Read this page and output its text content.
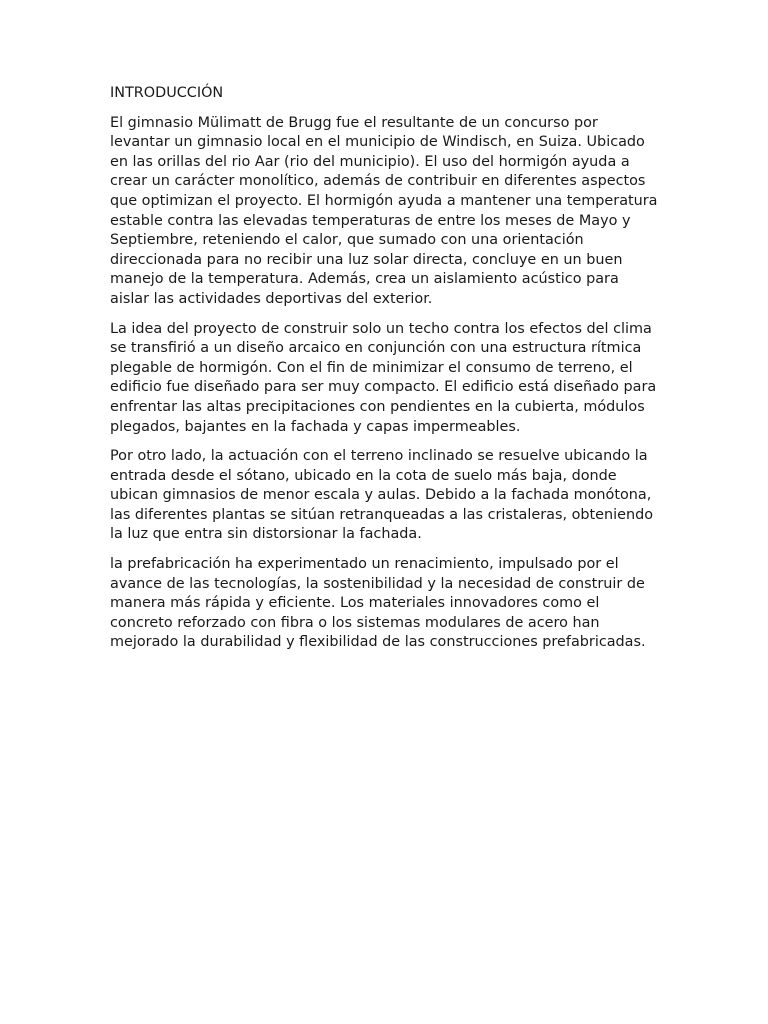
INTRODUCCIÓN

El gimnasio Mülimatt de Brugg fue el resultante de un concurso por levantar un gimnasio local en el municipio de Windisch, en Suiza. Ubicado en las orillas del rio Aar (rio del municipio). El uso del hormigón ayuda a crear un carácter monolítico, además de contribuir en diferentes aspectos que optimizan el proyecto. El hormigón ayuda a mantener una temperatura estable contra las elevadas temperaturas de entre los meses de Mayo y Septiembre, reteniendo el calor, que sumado con una orientación direccionada para no recibir una luz solar directa, concluye en un buen manejo de la temperatura. Además, crea un aislamiento acústico para aislar las actividades deportivas del exterior.

La idea del proyecto de construir solo un techo contra los efectos del clima se transfirió a un diseño arcaico en conjunción con una estructura rítmica plegable de hormigón. Con el fin de minimizar el consumo de terreno, el edificio fue diseñado para ser muy compacto. El edificio está diseñado para enfrentar las altas precipitaciones con pendientes en la cubierta, módulos plegados, bajantes en la fachada y capas impermeables.

Por otro lado, la actuación con el terreno inclinado se resuelve ubicando la entrada desde el sótano, ubicado en la cota de suelo más baja, donde ubican gimnasios de menor escala y aulas. Debido a la fachada monótona, las diferentes plantas se sitúan retranqueadas a las cristaleras, obteniendo la luz que entra sin distorsionar la fachada.

la prefabricación ha experimentado un renacimiento, impulsado por el avance de las tecnologías, la sostenibilidad y la necesidad de construir de manera más rápida y eficiente. Los materiales innovadores como el concreto reforzado con fibra o los sistemas modulares de acero han mejorado la durabilidad y flexibilidad de las construcciones prefabricadas.
